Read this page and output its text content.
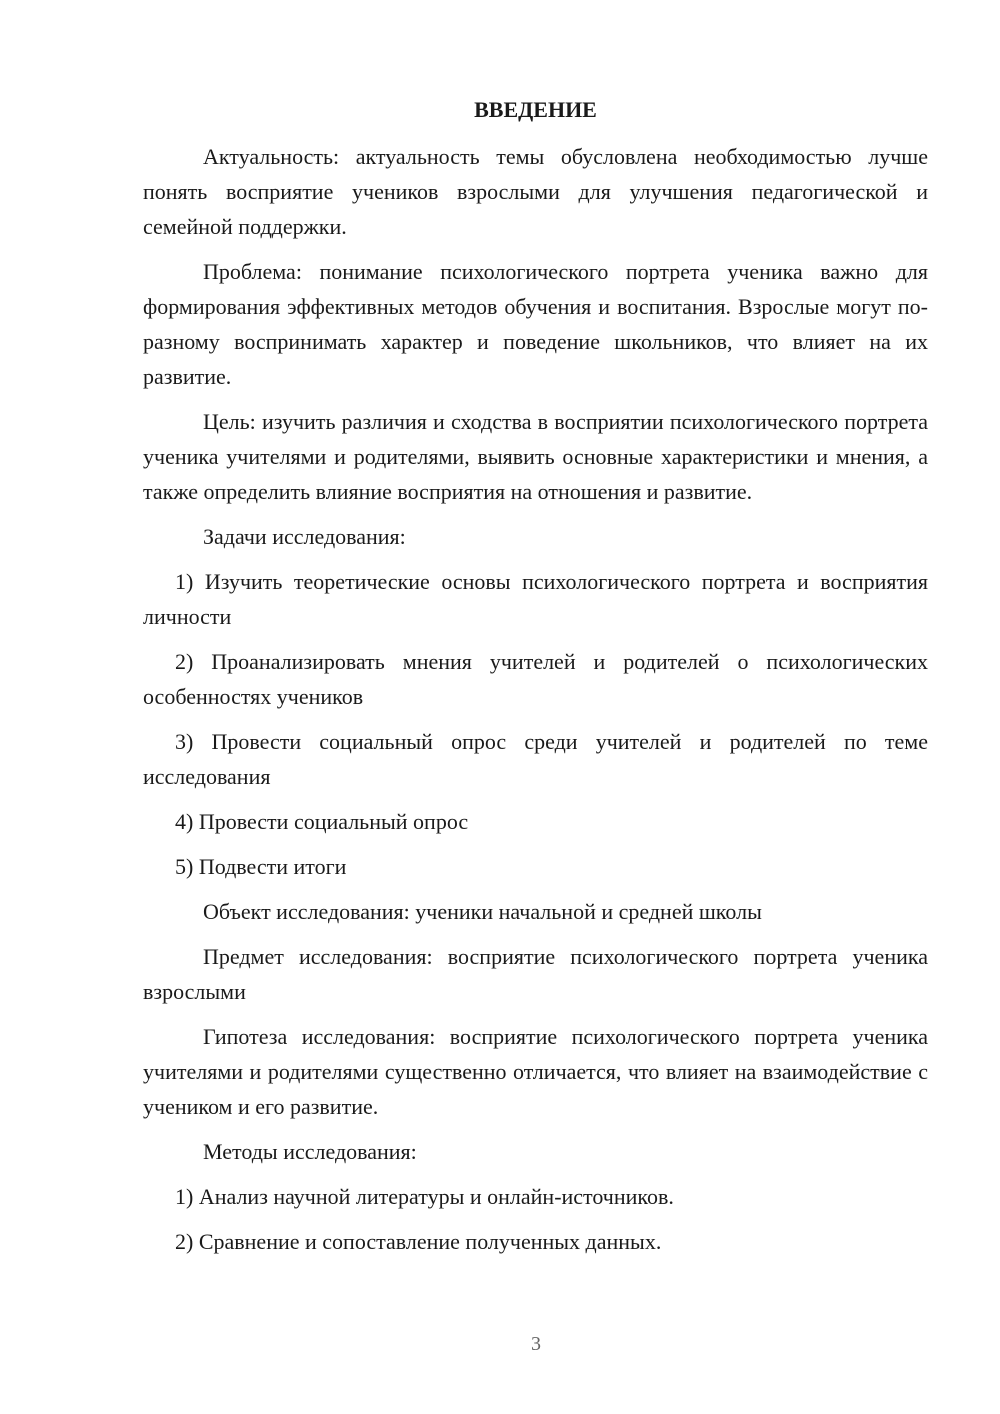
ВВЕДЕНИЕ

Актуальность: актуальность темы обусловлена необходимостью лучше понять восприятие учеников взрослыми для улучшения педагогической и семейной поддержки.

Проблема: понимание психологического портрета ученика важно для формирования эффективных методов обучения и воспитания. Взрослые могут по-разному воспринимать характер и поведение школьников, что влияет на их развитие.

Цель: изучить различия и сходства в восприятии психологического портрета ученика учителями и родителями, выявить основные характеристики и мнения, а также определить влияние восприятия на отношения и развитие.

Задачи исследования:

1) Изучить теоретические основы психологического портрета и восприятия личности

2) Проанализировать мнения учителей и родителей о психологических особенностях учеников

3) Провести социальный опрос среди учителей и родителей по теме исследования

4) Провести социальный опрос

5) Подвести итоги

Объект исследования: ученики начальной и средней школы

Предмет исследования: восприятие психологического портрета ученика взрослыми

Гипотеза исследования: восприятие психологического портрета ученика учителями и родителями существенно отличается, что влияет на взаимодействие с учеником и его развитие.

Методы исследования:

1) Анализ научной литературы и онлайн-источников.

2) Сравнение и сопоставление полученных данных.

3
